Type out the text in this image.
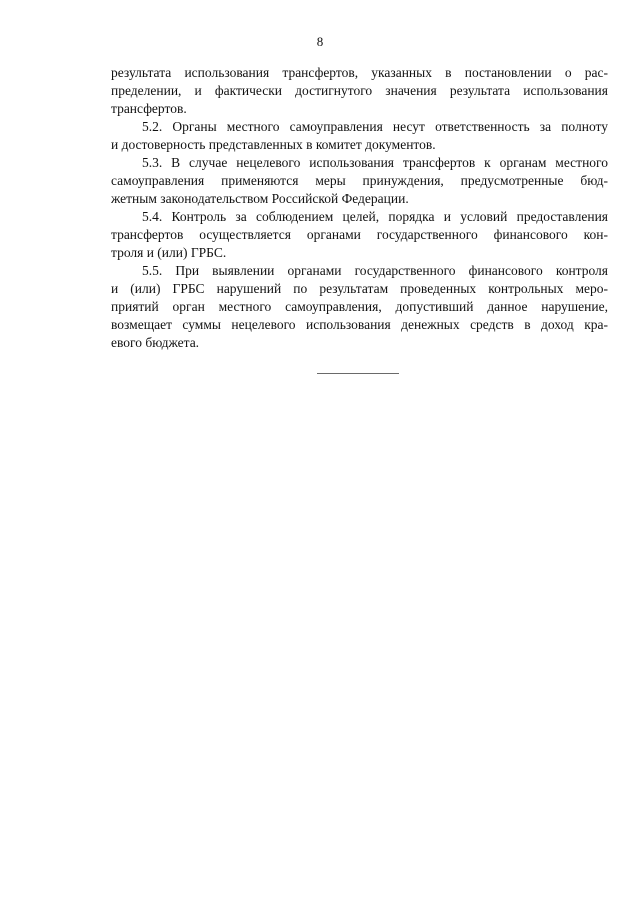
8
результата использования трансфертов, указанных в постановлении о рас-
пределении, и фактически достигнутого значения результата использования
трансфертов.
5.2. Органы местного самоуправления несут ответственность за полноту
и достоверность представленных в комитет документов.
5.3. В случае нецелевого использования трансфертов к органам местного
самоуправления применяются меры принуждения, предусмотренные бюд-
жетным законодательством Российской Федерации.
5.4. Контроль за соблюдением целей, порядка и условий предоставления
трансфертов осуществляется органами государственного финансового кон-
троля и (или) ГРБС.
5.5. При выявлении органами государственного финансового контроля
и (или) ГРБС нарушений по результатам проведенных контрольных меро-
приятий орган местного самоуправления, допустивший данное нарушение,
возмещает суммы нецелевого использования денежных средств в доход кра-
евого бюджета.
